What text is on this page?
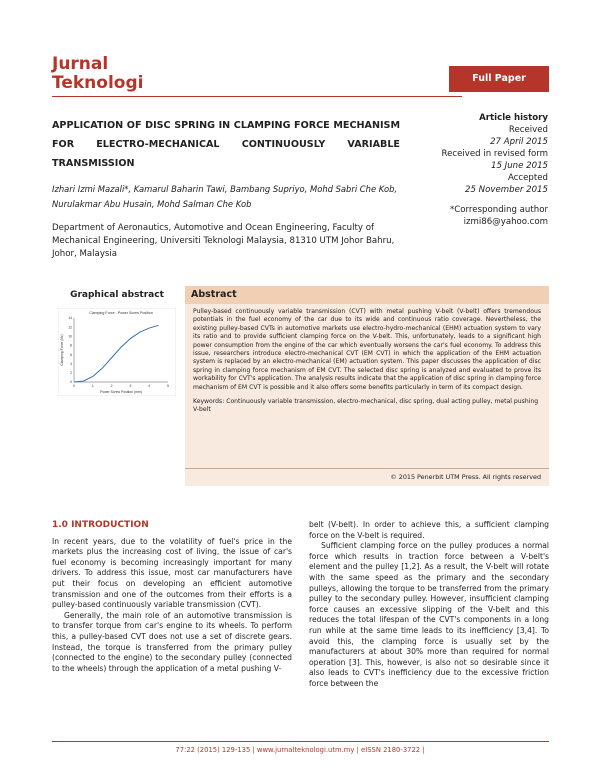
Jurnal
Teknologi	Full Paper
APPLICATION OF DISC SPRING IN CLAMPING FORCE MECHANISM FOR ELECTRO-MECHANICAL CONTINUOUSLY VARIABLE TRANSMISSION
Izhari Izmi Mazali*, Kamarul Baharin Tawi, Bambang Supriyo, Mohd Sabri Che Kob, Nurulakmar Abu Husain, Mohd Salman Che Kob
Department of Aeronautics, Automotive and Ocean Engineering, Faculty of Mechanical Engineering, Universiti Teknologi Malaysia, 81310 UTM Johor Bahru, Johor, Malaysia
Article history
Received
27 April 2015
Received in revised form
15 June 2015
Accepted
25 November 2015
*Corresponding author
izmi86@yahoo.com
Graphical abstract
Clamping Force - Power Screw Position
0	1	2	3	4	5
0
2
4
6
8
10
12
14
Power Screw Position (mm)
Clamping Force (kN)
Abstract
Pulley-based continuously variable transmission (CVT) with metal pushing V-belt (V-belt) offers tremendous potentials in the fuel economy of the car due to its wide and continuous ratio coverage. Nevertheless, the existing pulley-based CVTs in automotive markets use electro-hydro-mechanical (EHM) actuation system to vary its ratio and to provide sufficient clamping force on the V-belt. This, unfortunately, leads to a significant high power consumption from the engine of the car which eventually worsens the car's fuel economy. To address this issue, researchers introduce electro-mechanical CVT (EM CVT) in which the application of the EHM actuation system is replaced by an electro-mechanical (EM) actuation system. This paper discusses the application of disc spring in clamping force mechanism of EM CVT. The selected disc spring is analyzed and evaluated to prove its workability for CVT's application. The analysis results indicate that the application of disc spring in clamping force mechanism of EM CVT is possible and it also offers some benefits particularly in term of its compact design.
Keywords: Continuously variable transmission, electro-mechanical, disc spring, dual acting pulley, metal pushing V-belt
© 2015 Penerbit UTM Press. All rights reserved
1.0 INTRODUCTION

In recent years, due to the volatility of fuel's price in the markets plus the increasing cost of living, the issue of car's fuel economy is becoming increasingly important for many drivers. To address this issue, most car manufacturers have put their focus on developing an efficient automotive transmission and one of the outcomes from their efforts is a pulley-based continuously variable transmission (CVT).

Generally, the main role of an automotive transmission is to transfer torque from car's engine to its wheels. To perform this, a pulley-based CVT does not use a set of discrete gears. Instead, the torque is transferred from the primary pulley (connected to the engine) to the secondary pulley (connected to the wheels) through the application of a metal pushing V-

belt (V-belt). In order to achieve this, a sufficient clamping force on the V-belt is required.

Sufficient clamping force on the pulley produces a normal force which results in traction force between a V-belt's element and the pulley [1,2]. As a result, the V-belt will rotate with the same speed as the primary and the secondary pulleys, allowing the torque to be transferred from the primary pulley to the secondary pulley. However, insufficient clamping force causes an excessive slipping of the V-belt and this reduces the total lifespan of the CVT's components in a long run while at the same time leads to its inefficiency [3,4]. To avoid this, the clamping force is usually set by the manufacturers at about 30% more than required for normal operation [3]. This, however, is also not so desirable since it also leads to CVT's inefficiency due to the excessive friction force between the

77:22 (2015) 129-135 | www.jurnalteknologi.utm.my | eISSN 2180-3722 |
